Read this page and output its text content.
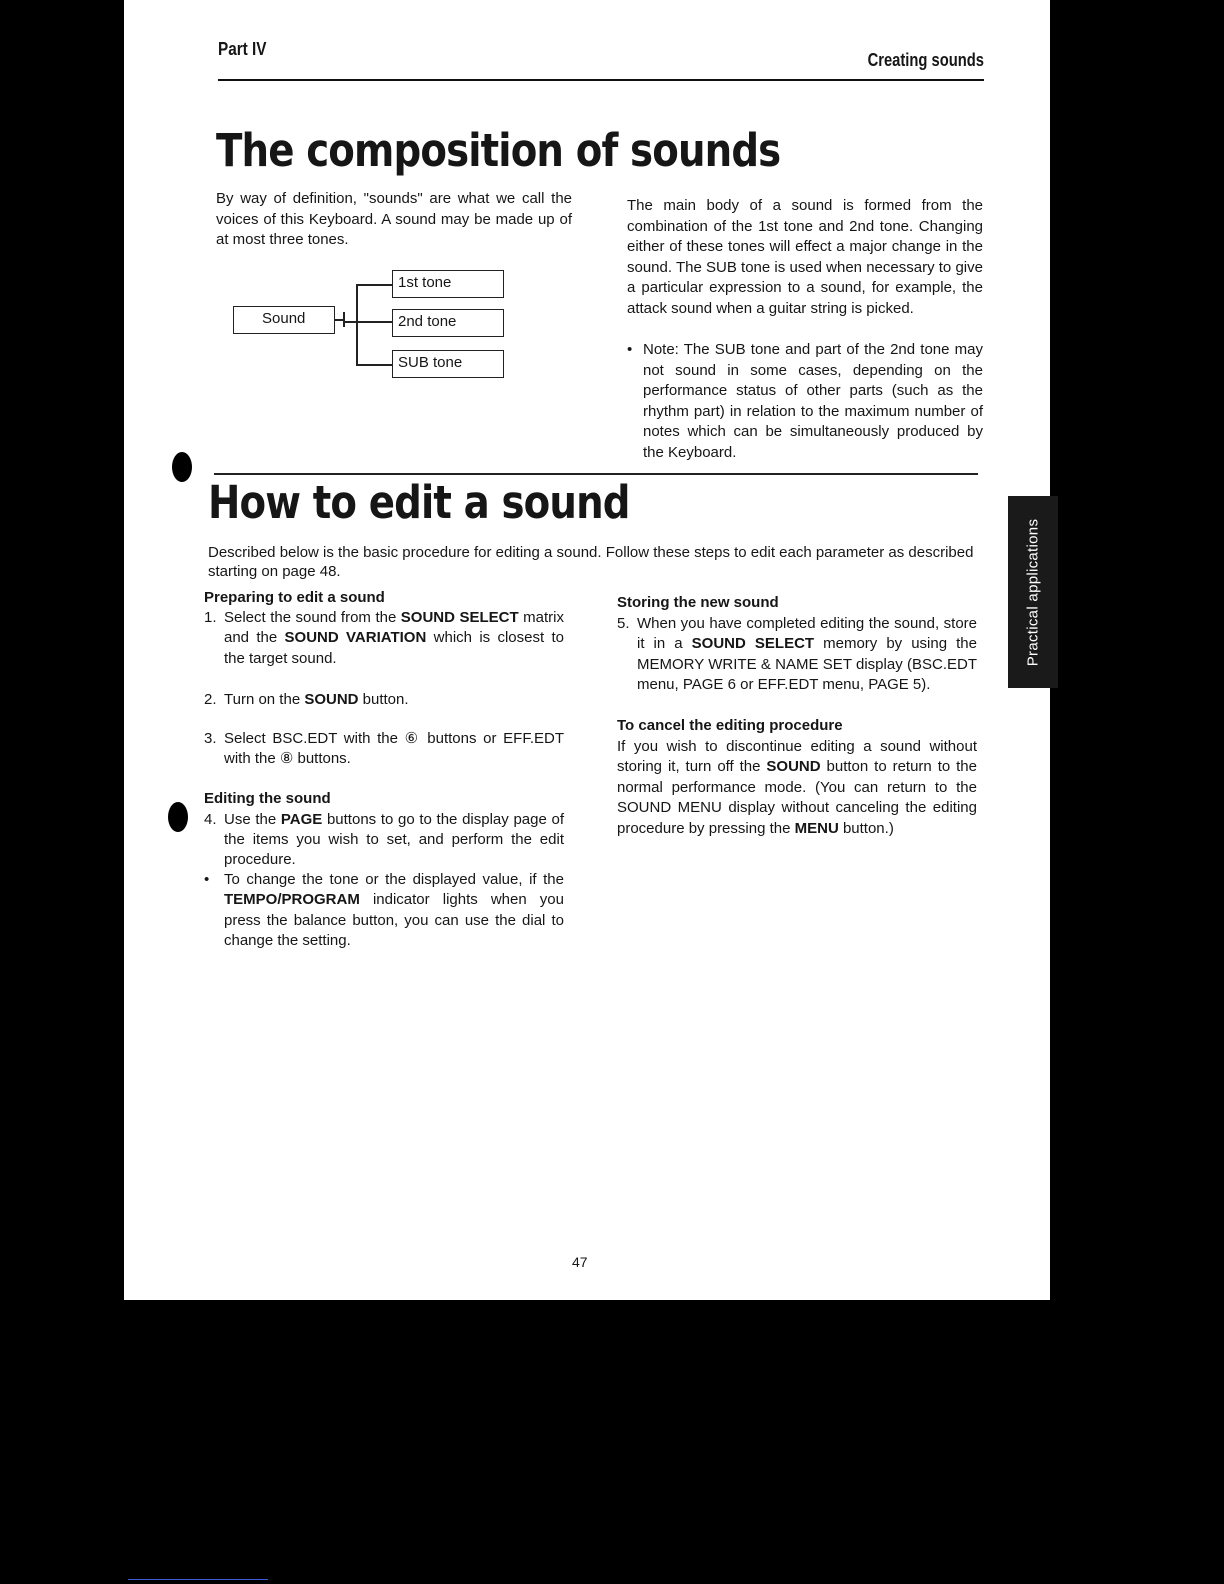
Practical applications
Part IV
Creating sounds
The composition of sounds

By way of definition, "sounds" are what we call the voices of this Keyboard. A sound may be made up of at most three tones.

Sound
1st tone
2nd tone
SUB tone

The main body of a sound is formed from the combination of the 1st tone and 2nd tone. Changing either of these tones will effect a major change in the sound. The SUB tone is used when necessary to give a particular expression to a sound, for example, the attack sound when a guitar string is picked.

• Note: The SUB tone and part of the 2nd tone may not sound in some cases, depending on the performance status of other parts (such as the rhythm part) in relation to the maximum number of notes which can be simultaneously produced by the Keyboard.
How to edit a sound

Described below is the basic procedure for editing a sound. Follow these steps to edit each parameter as described starting on page 48.

Preparing to edit a sound

1. Select the sound from the SOUND SELECT matrix and the SOUND VARIATION which is closest to the target sound.
2. Turn on the SOUND button.
3. Select BSC.EDT with the ⑥ buttons or EFF.EDT with the ⑧ buttons.

Editing the sound

4. Use the PAGE buttons to go to the display page of the items you wish to set, and perform the edit procedure.
• To change the tone or the displayed value, if the TEMPO/PROGRAM indicator lights when you press the balance button, you can use the dial to change the setting.

Storing the new sound

5. When you have completed editing the sound, store it in a SOUND SELECT memory by using the MEMORY WRITE & NAME SET display (BSC.EDT menu, PAGE 6 or EFF.EDT menu, PAGE 5).

To cancel the editing procedure

If you wish to discontinue editing a sound without storing it, turn off the SOUND button to return to the normal performance mode. (You can return to the SOUND MENU display without canceling the editing procedure by pressing the MENU button.)

47
